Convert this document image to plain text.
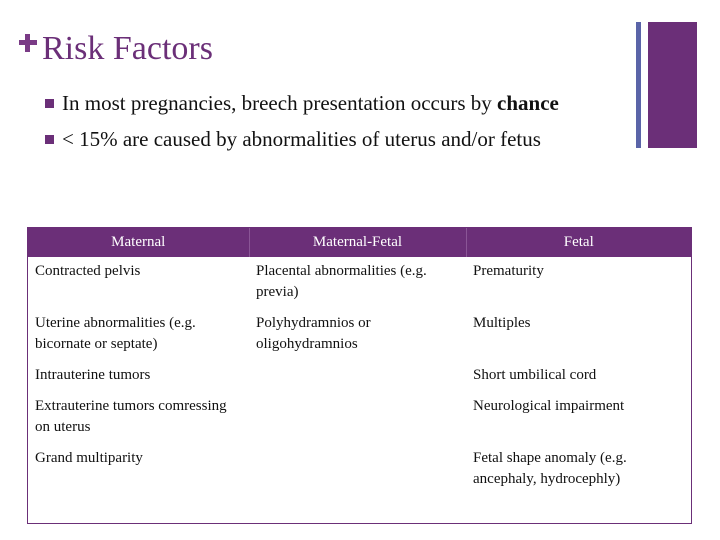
Risk Factors
In most pregnancies, breech presentation occurs by chance
< 15% are caused by abnormalities of uterus and/or fetus
Maternal	Maternal-Fetal	Fetal
Contracted pelvis	Placental abnormalities (e.g. previa)	Prematurity
Uterine abnormalities (e.g. bicornate or septate)	Polyhydramnios or oligohydramnios	Multiples
Intrauterine tumors		Short umbilical cord
Extrauterine tumors comressing on uterus		Neurological impairment
Grand multiparity		Fetal shape anomaly (e.g. ancephaly, hydrocephly)
